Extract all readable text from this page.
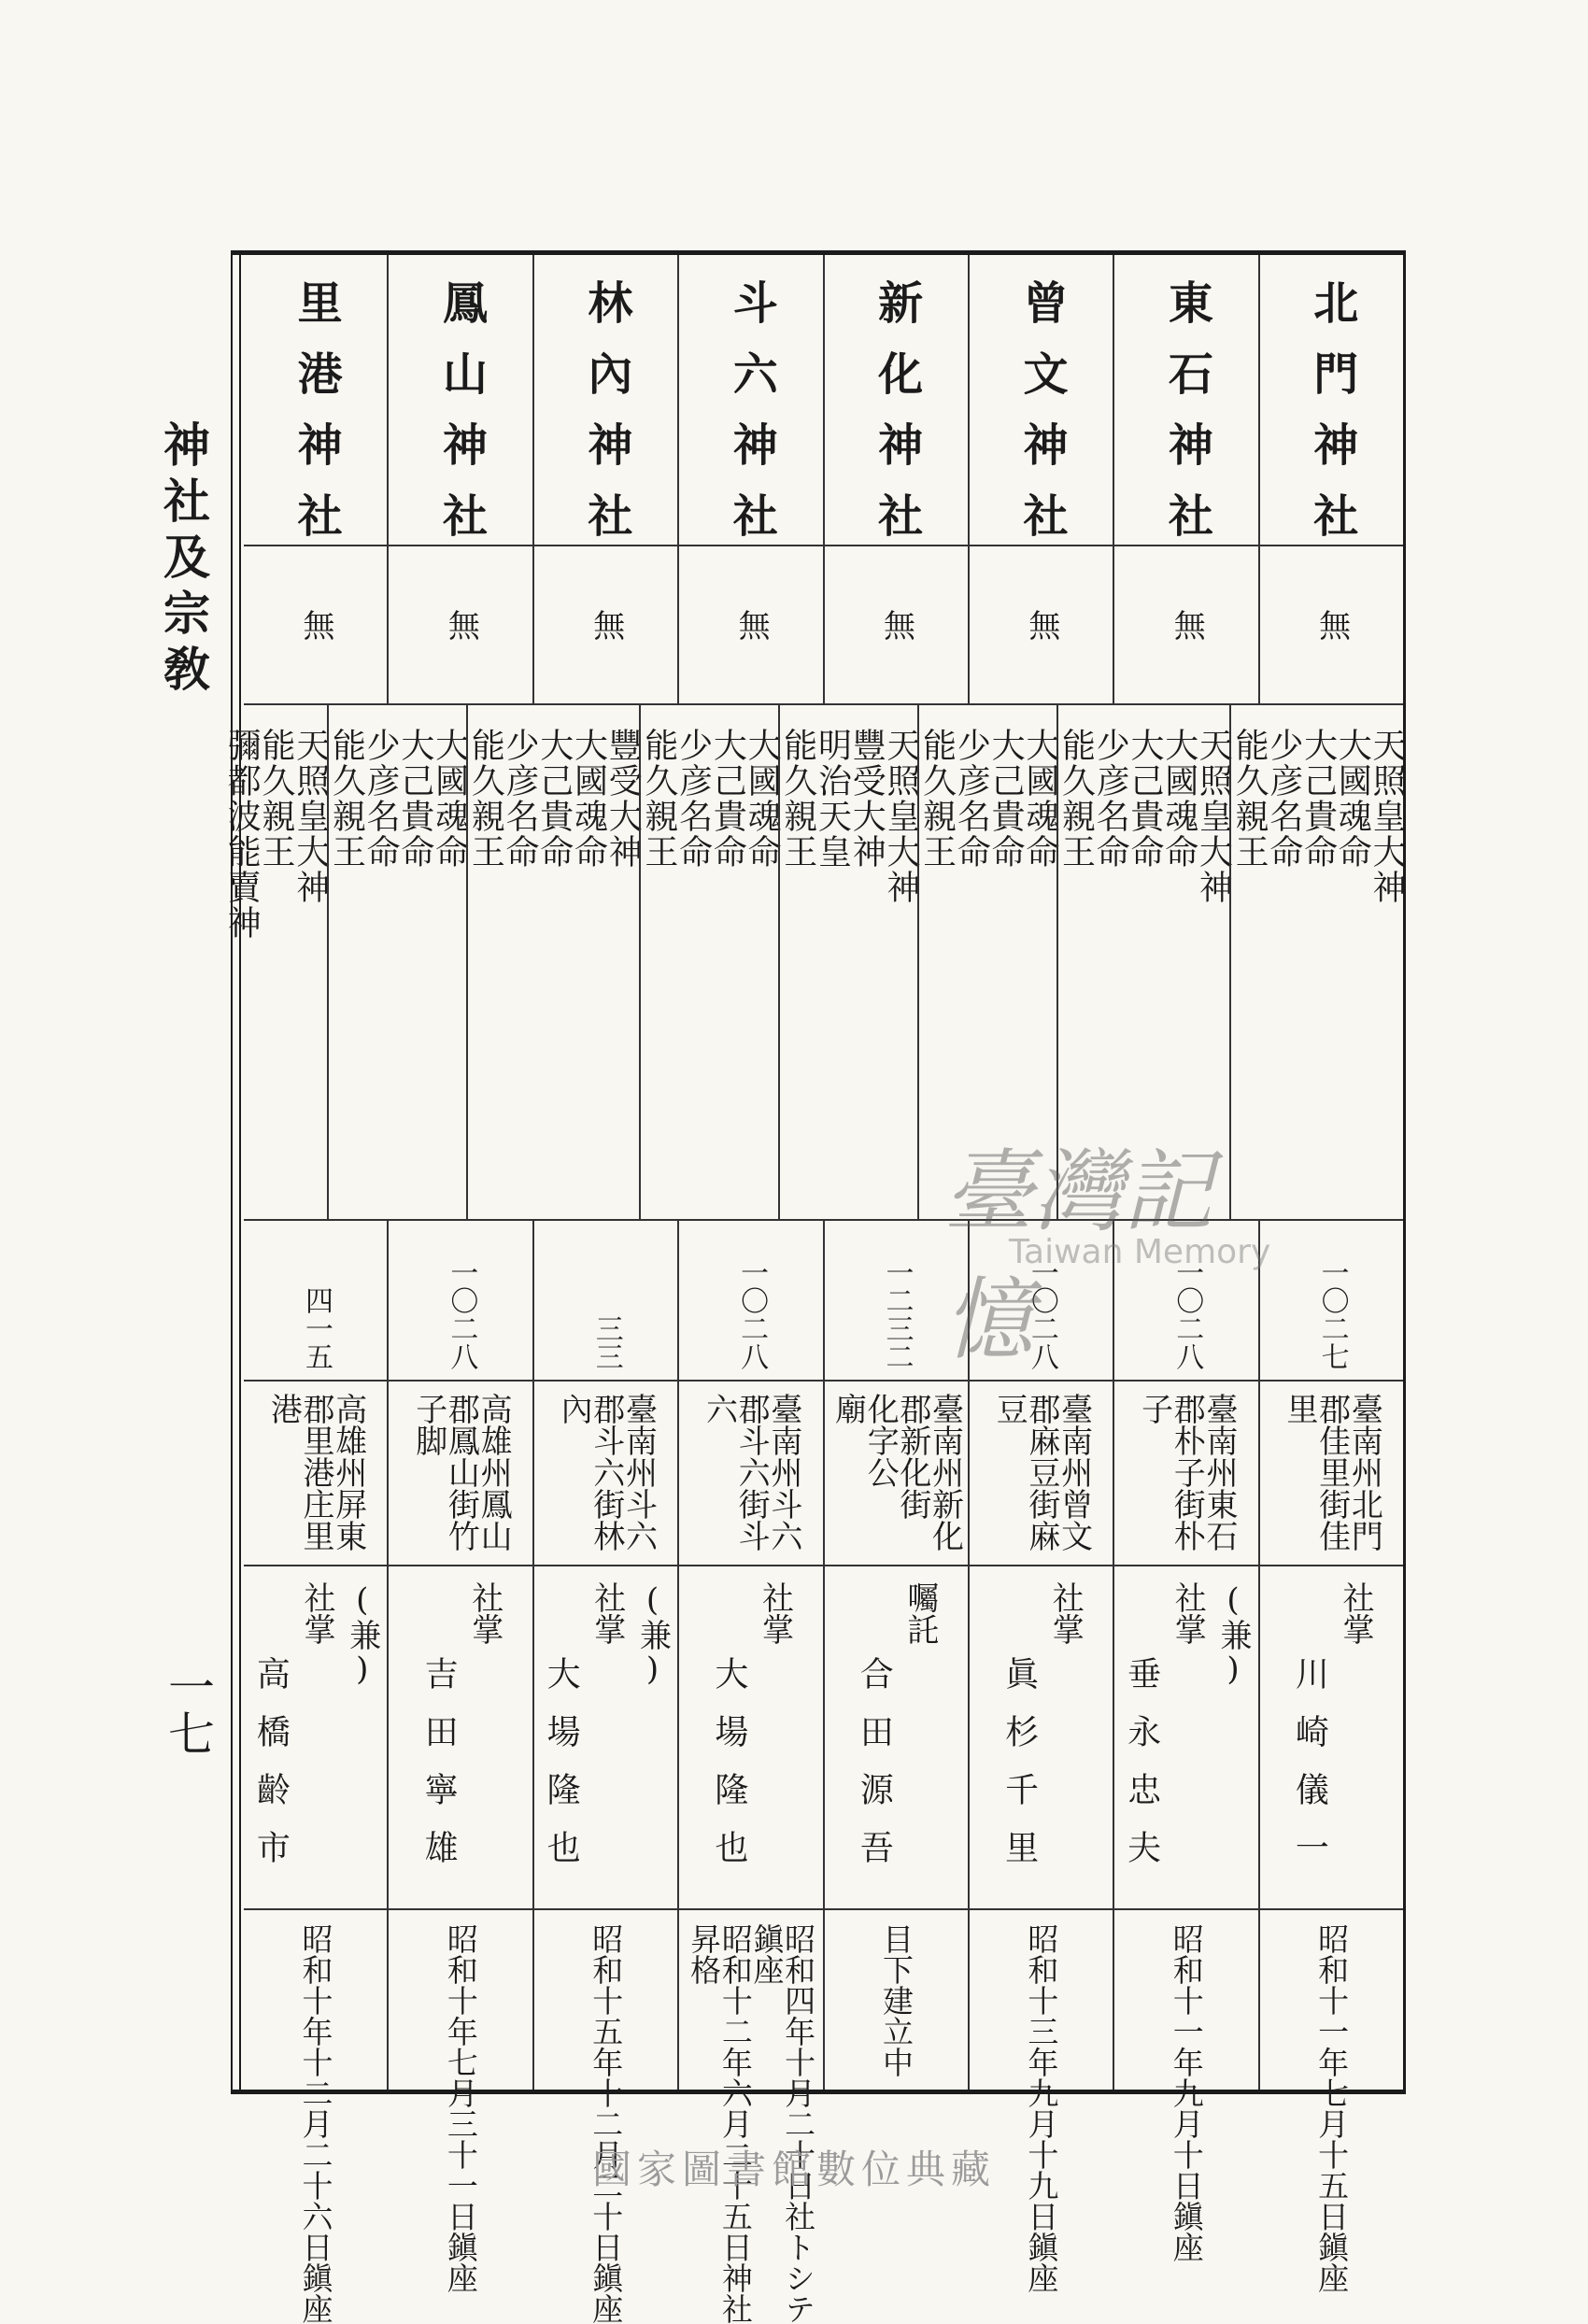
神社及宗敎	北門神社

東石神社

曾文神社

新化神社

斗六神社

林內神社

鳳山神社

里港神社

無

無

無

無

無

無

無

無

天照皇大神

大國魂命

大己貴命

少彦名命

能久親王

天照皇大神

大國魂命

大己貴命

少彦名命

能久親王

大國魂命

大己貴命

少彦名命

能久親王

天照皇大神

豐受大神

明治天皇

能久親王

大國魂命

大己貴命

少彦名命

能久親王

豐受大神

大國魂命

大己貴命

少彦名命

能久親王

大國魂命

大己貴命

少彦名命

能久親王

天照皇大神

能久親王

彌都波能賣神

一〇二七

一〇二八

一〇二八

一二三二

一〇二八

三三

一〇二八

四一五

臺南州北門

郡佳里街佳

里

臺南州東石

郡朴子街朴

子

臺南州曾文

郡麻豆街麻

豆

臺南州新化

郡新化街

化字公

廟

臺南州斗六

郡斗六街斗

六

臺南州斗六

郡斗六街林

內

高雄州鳳山

郡鳳山街竹

子脚

高雄州屏東

郡里港庄里

港

社掌

川崎儀一

(兼)

社掌

垂永忠夫

社掌

眞杉千里

囑託

合田源吾

社掌

大場隆也

(兼)

社掌

大場隆也

社掌

吉田寧雄

(兼)

社掌

高橋齡市

昭和十一年七月十五日鎭座

昭和十一年九月十日鎭座

昭和十三年九月十九日鎭座

目下建立中

昭和四年十月二十日社トシテ

鎭座

昭和十二年六月二十五日神社

昇格

昭和十五年十二月二十日鎭座

昭和十年七月三十一日鎭座

昭和十年十二月二十六日鎭座

一七
臺灣記憶
Taiwan Memory
國家圖書館數位典藏
